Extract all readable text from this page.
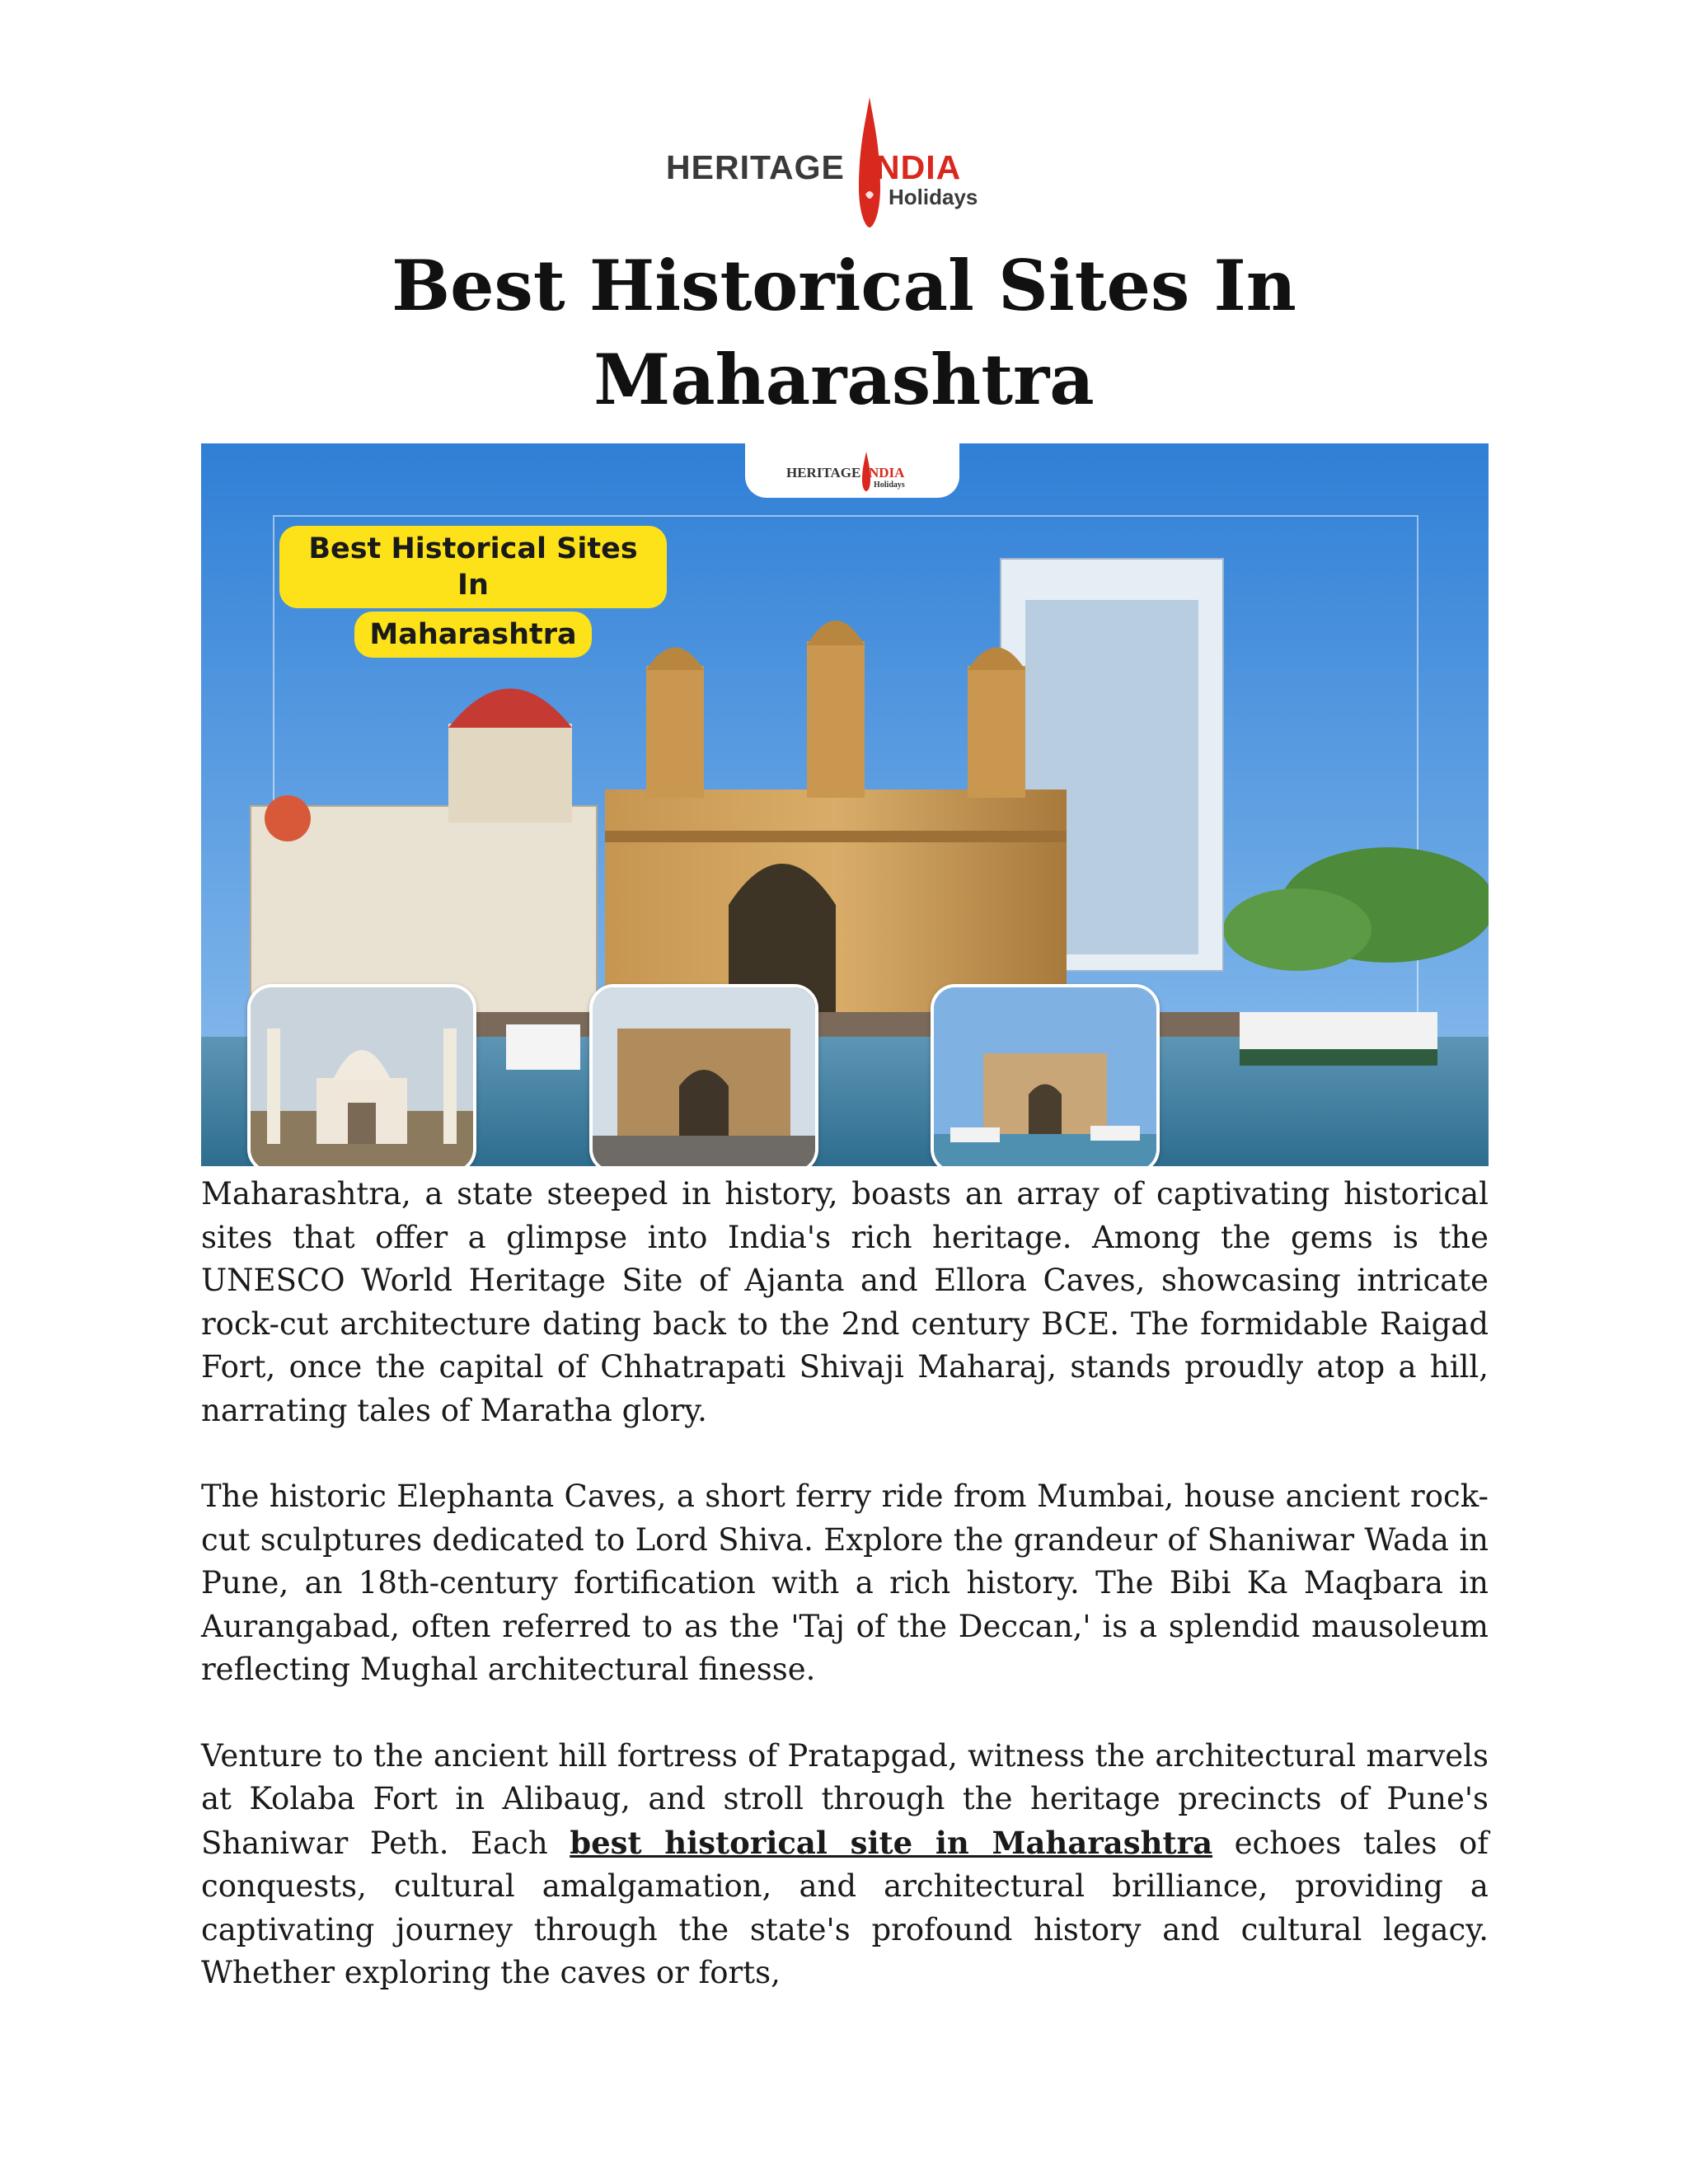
HERITAGE NDIA
Holidays
Best Historical Sites In
Maharashtra
HERITAGE NDIA
Holidays
Best Historical Sites In
Maharashtra

Maharashtra, a state steeped in history, boasts an array of captivating historical sites that offer a glimpse into India's rich heritage. Among the gems is the UNESCO World Heritage Site of Ajanta and Ellora Caves, showcasing intricate rock-cut architecture dating back to the 2nd century BCE. The formidable Raigad Fort, once the capital of Chhatrapati Shivaji Maharaj, stands proudly atop a hill, narrating tales of Maratha glory.

The historic Elephanta Caves, a short ferry ride from Mumbai, house ancient rock-cut sculptures dedicated to Lord Shiva. Explore the grandeur of Shaniwar Wada in Pune, an 18th-century fortification with a rich history. The Bibi Ka Maqbara in Aurangabad, often referred to as the 'Taj of the Deccan,' is a splendid mausoleum reflecting Mughal architectural finesse.

Venture to the ancient hill fortress of Pratapgad, witness the architectural marvels at Kolaba Fort in Alibaug, and stroll through the heritage precincts of Pune's Shaniwar Peth. Each best historical site in Maharashtra echoes tales of conquests, cultural amalgamation, and architectural brilliance, providing a captivating journey through the state's profound history and cultural legacy. Whether exploring the caves or forts,
